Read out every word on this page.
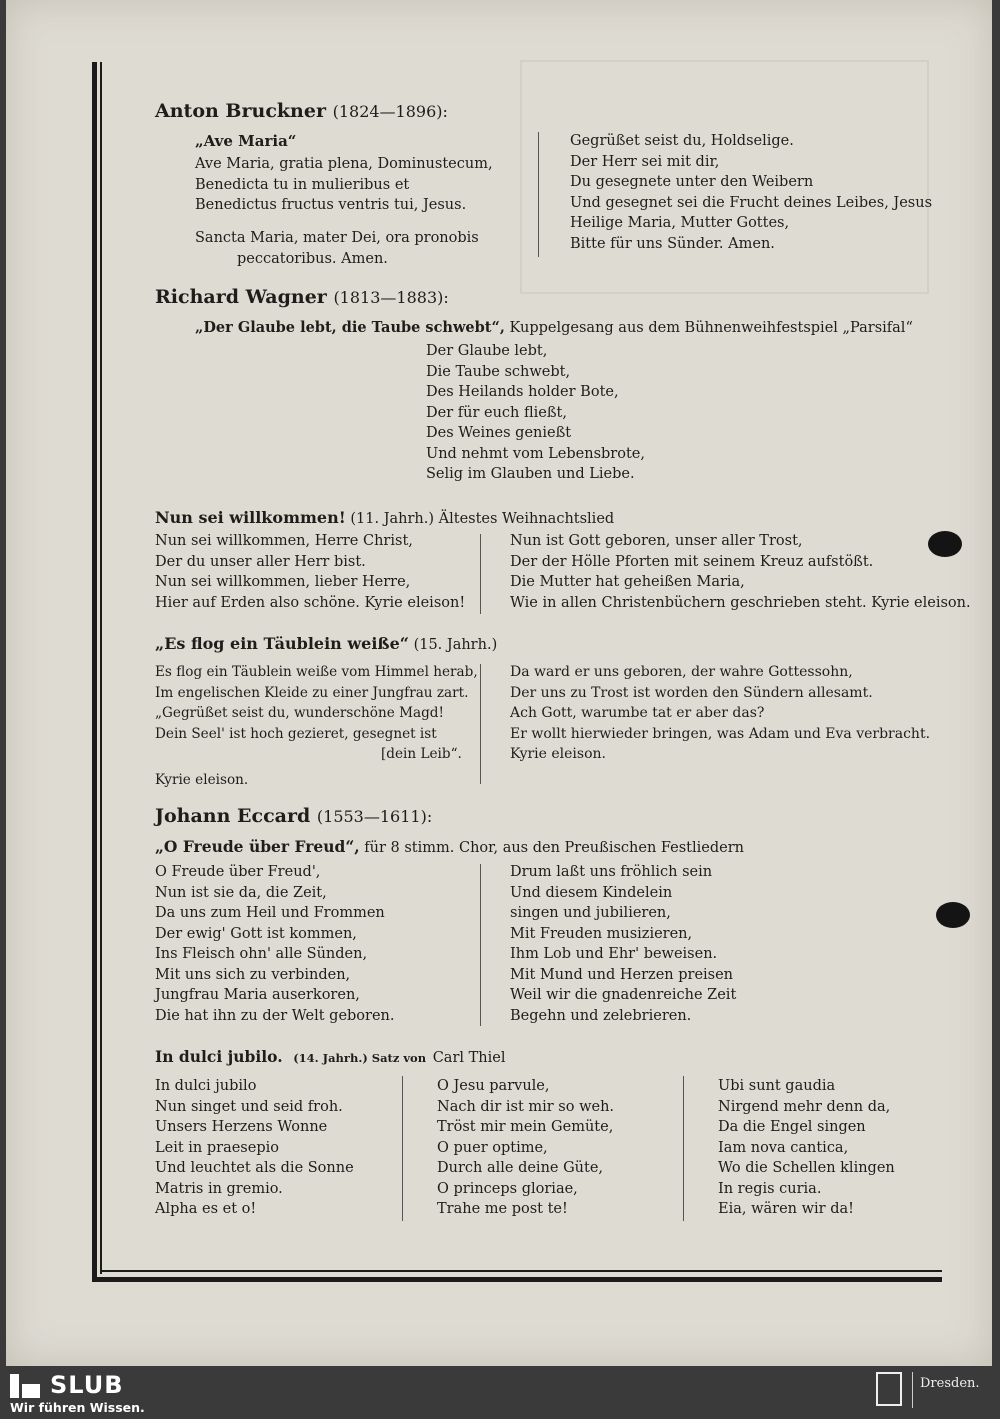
Anton Bruckner (1824—1896):
„Ave Maria“
Ave Maria, gratia plena, Dominustecum,
Benedicta tu in mulieribus et
Benedictus fructus ventris tui, Jesus.
Sancta Maria, mater Dei, ora pronobis
peccatoribus. Amen.
Gegrüßet seist du, Holdselige.
Der Herr sei mit dir,
Du gesegnete unter den Weibern
Und gesegnet sei die Frucht deines Leibes, Jesus
Heilige Maria, Mutter Gottes,
Bitte für uns Sünder. Amen.
Richard Wagner (1813—1883):
„Der Glaube lebt, die Taube schwebt“, Kuppelgesang aus dem Bühnenweihfestspiel „Parsifal“
Der Glaube lebt,
Die Taube schwebt,
Des Heilands holder Bote,
Der für euch fließt,
Des Weines genießt
Und nehmt vom Lebensbrote,
Selig im Glauben und Liebe.
Nun sei willkommen! (11. Jahrh.) Ältestes Weihnachtslied
Nun sei willkommen, Herre Christ,
Der du unser aller Herr bist.
Nun sei willkommen, lieber Herre,
Hier auf Erden also schöne. Kyrie eleison!
Nun ist Gott geboren, unser aller Trost,
Der der Hölle Pforten mit seinem Kreuz aufstößt.
Die Mutter hat geheißen Maria,
Wie in allen Christenbüchern geschrieben steht. Kyrie eleison.
„Es flog ein Täublein weiße“ (15. Jahrh.)
Es flog ein Täublein weiße vom Himmel herab,
Im engelischen Kleide zu einer Jungfrau zart.
„Gegrüßet seist du, wunderschöne Magd!
Dein Seel' ist hoch gezieret, gesegnet ist
[dein Leib“.
Kyrie eleison.
Da ward er uns geboren, der wahre Gottessohn,
Der uns zu Trost ist worden den Sündern allesamt.
Ach Gott, warumbe tat er aber das?
Er wollt hierwieder bringen, was Adam und Eva verbracht.
Kyrie eleison.
Johann Eccard (1553—1611):
„O Freude über Freud“, für 8 stimm. Chor, aus den Preußischen Festliedern
O Freude über Freud',
Nun ist sie da, die Zeit,
Da uns zum Heil und Frommen
Der ewig' Gott ist kommen,
Ins Fleisch ohn' alle Sünden,
Mit uns sich zu verbinden,
Jungfrau Maria auserkoren,
Die hat ihn zu der Welt geboren.
Drum laßt uns fröhlich sein
Und diesem Kindelein
singen und jubilieren,
Mit Freuden musizieren,
Ihm Lob und Ehr' beweisen.
Mit Mund und Herzen preisen
Weil wir die gnadenreiche Zeit
Begehn und zelebrieren.
In dulci jubilo. (14. Jahrh.) Satz von Carl Thiel
In dulci jubilo
Nun singet und seid froh.
Unsers Herzens Wonne
Leit in praesepio
Und leuchtet als die Sonne
Matris in gremio.
Alpha es et o!
O Jesu parvule,
Nach dir ist mir so weh.
Tröst mir mein Gemüte,
O puer optime,
Durch alle deine Güte,
O princeps gloriae,
Trahe me post te!
Ubi sunt gaudia
Nirgend mehr denn da,
Da die Engel singen
Iam nova cantica,
Wo die Schellen klingen
In regis curia.
Eia, wären wir da!
SLUB
Wir führen Wissen.
Dresden.
